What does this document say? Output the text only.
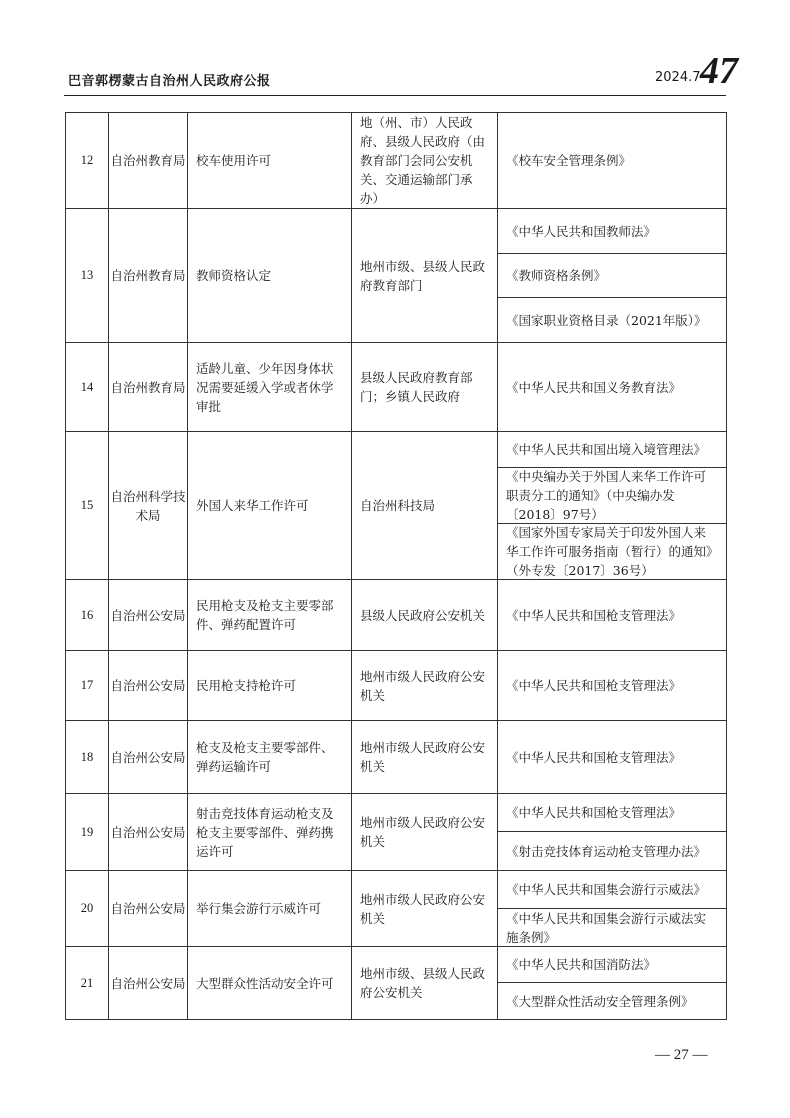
巴音郭楞蒙古自治州人民政府公报	2024.7 47
12	自治州教育局	校车使用许可	地（州、市）人民政府、县级人民政府（由教育部门会同公安机关、交通运输部门承办）	《校车安全管理条例》

13	自治州教育局	教师资格认定	地州市级、县级人民政府教育部门	《中华人民共和国教师法》
《教师资格条例》
《国家职业资格目录（2021年版）》

14	自治州教育局	适龄儿童、少年因身体状况需要延缓入学或者休学审批	县级人民政府教育部门；乡镇人民政府	《中华人民共和国义务教育法》

15	自治州科学技术局	外国人来华工作许可	自治州科技局	《中华人民共和国出境入境管理法》
《中央编办关于外国人来华工作许可职责分工的通知》（中央编办发〔2018〕97号）
《国家外国专家局关于印发外国人来华工作许可服务指南（暂行）的通知》（外专发〔2017〕36号）

16	自治州公安局	民用枪支及枪支主要零部件、弹药配置许可	县级人民政府公安机关	《中华人民共和国枪支管理法》

17	自治州公安局	民用枪支持枪许可	地州市级人民政府公安机关	《中华人民共和国枪支管理法》

18	自治州公安局	枪支及枪支主要零部件、弹药运输许可	地州市级人民政府公安机关	《中华人民共和国枪支管理法》

19	自治州公安局	射击竞技体育运动枪支及枪支主要零部件、弹药携运许可	地州市级人民政府公安机关	《中华人民共和国枪支管理法》
《射击竞技体育运动枪支管理办法》

20	自治州公安局	举行集会游行示威许可	地州市级人民政府公安机关	《中华人民共和国集会游行示威法》
《中华人民共和国集会游行示威法实施条例》

21	自治州公安局	大型群众性活动安全许可	地州市级、县级人民政府公安机关	《中华人民共和国消防法》
《大型群众性活动安全管理条例》
— 27 —
